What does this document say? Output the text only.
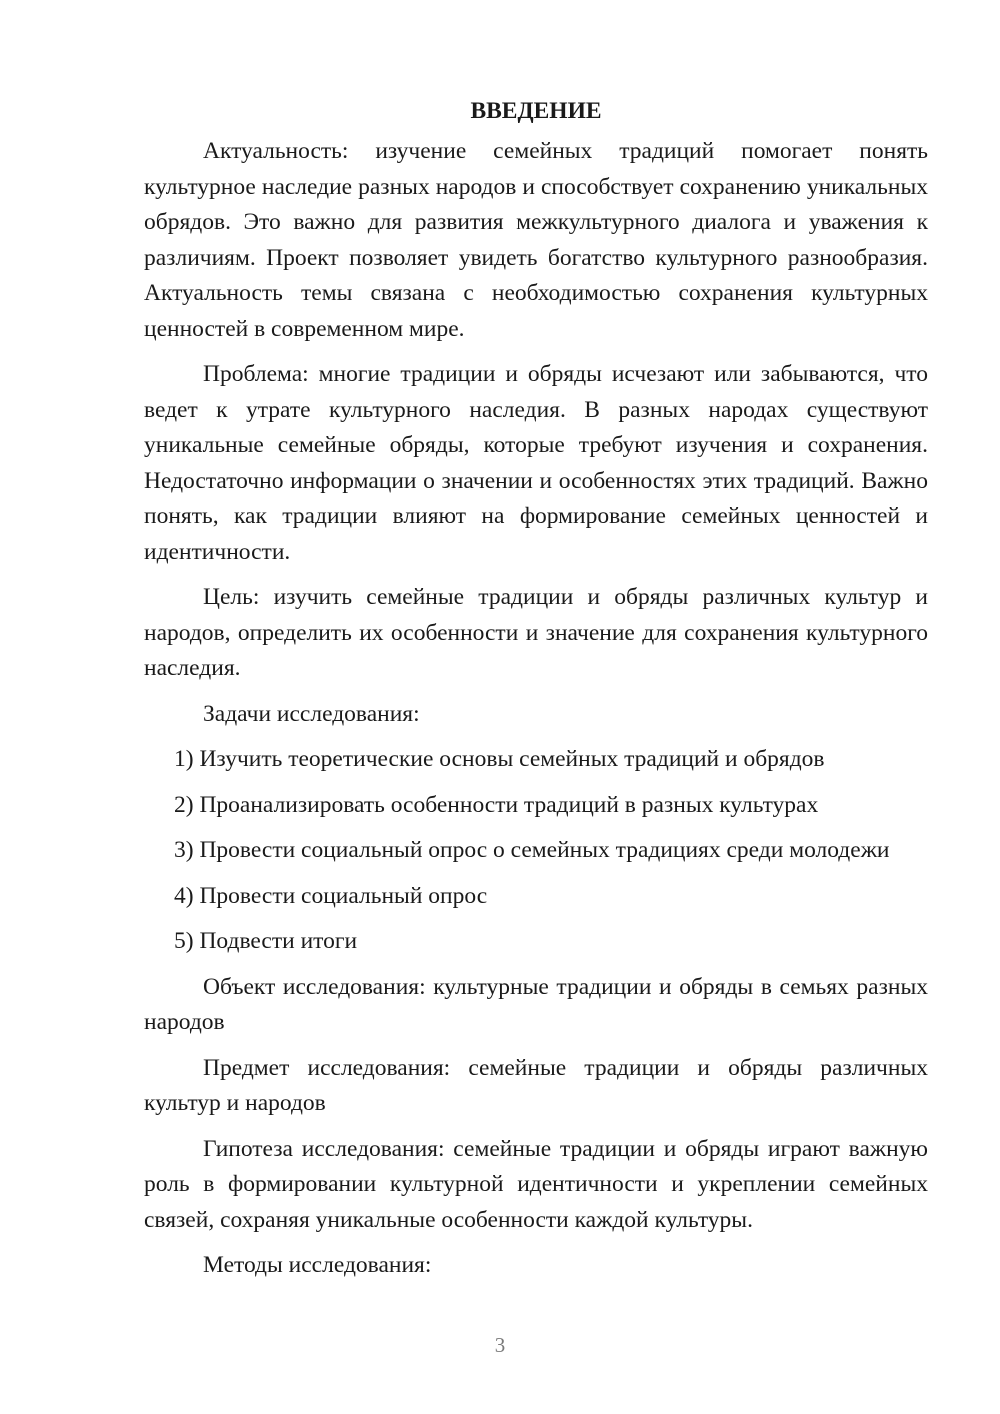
ВВЕДЕНИЕ

Актуальность: изучение семейных традиций помогает понять культурное наследие разных народов и способствует сохранению уникальных обрядов. Это важно для развития межкультурного диалога и уважения к различиям. Проект позволяет увидеть богатство культурного разнообразия. Актуальность темы связана с необходимостью сохранения культурных ценностей в современном мире.

Проблема: многие традиции и обряды исчезают или забываются, что ведет к утрате культурного наследия. В разных народах существуют уникальные семейные обряды, которые требуют изучения и сохранения. Недостаточно информации о значении и особенностях этих традиций. Важно понять, как традиции влияют на формирование семейных ценностей и идентичности.

Цель: изучить семейные традиции и обряды различных культур и народов, определить их особенности и значение для сохранения культурного наследия.

Задачи исследования:

1) Изучить теоретические основы семейных традиций и обрядов
2) Проанализировать особенности традиций в разных культурах
3) Провести социальный опрос о семейных традициях среди молодежи
4) Провести социальный опрос
5) Подвести итоги

Объект исследования: культурные традиции и обряды в семьях разных народов

Предмет исследования: семейные традиции и обряды различных культур и народов

Гипотеза исследования: семейные традиции и обряды играют важную роль в формировании культурной идентичности и укреплении семейных связей, сохраняя уникальные особенности каждой культуры.

Методы исследования:

3
